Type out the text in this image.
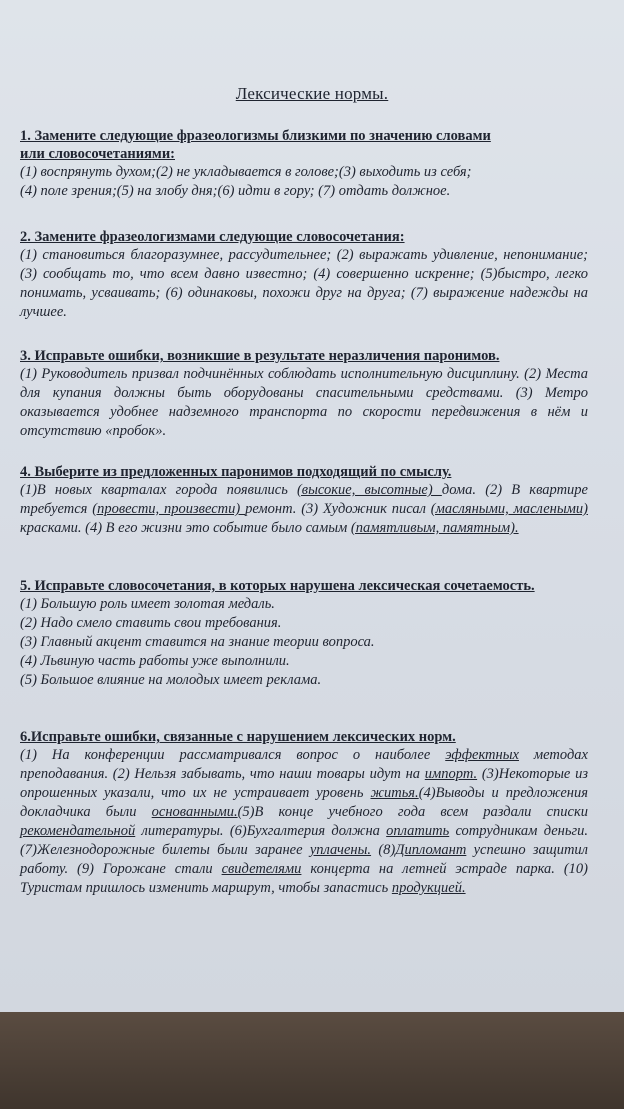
Лексические нормы.

1. Замените следующие фразеологизмы близкими по значению словами
или словосочетаниями:

(1) воспрянуть духом;(2) не укладывается в голове;(3) выходить из себя;
(4) поле зрения;(5) на злобу дня;(6) идти в гору; (7) отдать должное.

2. Замените фразеологизмами следующие словосочетания:

(1) становиться благоразумнее, рассудительнее; (2) выражать удивление, непонимание; (3) сообщать то, что всем давно известно; (4) совершенно искренне; (5)быстро, легко понимать, усваивать; (6) одинаковы, похожи друг на друга; (7) выражение надежды на лучшее.

3. Исправьте ошибки, возникшие в результате неразличения паронимов.

(1) Руководитель призвал подчинённых соблюдать исполнительную дисциплину. (2) Места для купания должны быть оборудованы спасительными средствами. (3) Метро оказывается удобнее надземного транспорта по скорости передвижения в нём и отсутствию «пробок».

4. Выберите из предложенных паронимов подходящий по смыслу.

(1)В новых кварталах города появились (высокие, высотные) дома. (2) В квартире требуется (провести, произвести) ремонт. (3) Художник писал (масляными, маслеными) красками. (4) В его жизни это событие было самым (памятливым, памятным).

5. Исправьте словосочетания, в которых нарушена лексическая сочетаемость.

(1) Большую роль имеет золотая медаль.
(2) Надо смело ставить свои требования.
(3) Главный акцент ставится на знание теории вопроса.
(4) Львиную часть работы уже выполнили.
(5) Большое влияние на молодых имеет реклама.

6.Исправьте ошибки, связанные с нарушением лексических норм.

(1) На конференции рассматривался вопрос о наиболее эффектных методах преподавания. (2) Нельзя забывать, что наши товары идут на импорт. (3)Некоторые из опрошенных указали, что их не устраивает уровень житья.(4)Выводы и предложения докладчика были основанными.(5)В конце учебного года всем раздали списки рекомендательной литературы. (6)Бухгалтерия должна оплатить сотрудникам деньги. (7)Железнодорожные билеты были заранее уплачены. (8)Дипломант успешно защитил работу. (9) Горожане стали свидетелями концерта на летней эстраде парка. (10) Туристам пришлось изменить маршрут, чтобы запастись продукцией.
